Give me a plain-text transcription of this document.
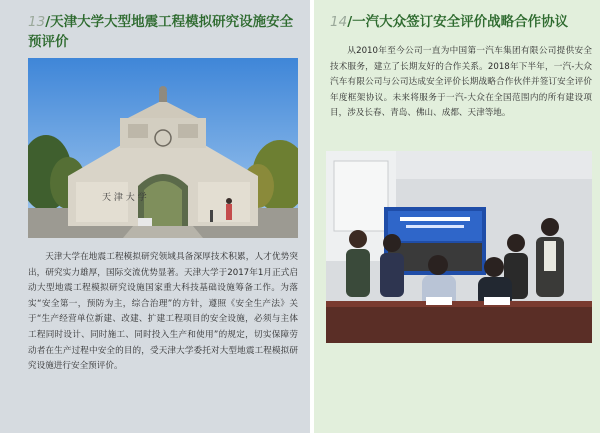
13/天津大学大型地震工程模拟研究设施安全预评价
天 津 大 学

天津大学在地震工程模拟研究领域具备深厚技术积累，人才优势突出，研究实力雄厚，国际交流优势显著。天津大学于2017年1月正式启动大型地震工程模拟研究设施国家重大科技基础设施筹备工作。为落实“安全第一，预防为主，综合治理”的方针，遵照《安全生产法》关于“生产经营单位新建、改建、扩建工程项目的安全设施，必须与主体工程同时设计、同时施工、同时投入生产和使用”的规定，切实保障劳动者在生产过程中安全的目的，受天津大学委托对大型地震工程模拟研究设施进行安全预评价。

14/一汽大众签订安全评价战略合作协议

从2010年至今公司一直为中国第一汽车集团有限公司提供安全技术服务，建立了长期友好的合作关系。2018年下半年，一汽-大众汽车有限公司与公司达成安全评价长期战略合作伙伴并签订安全评价年度框架协议。未来将服务于一汽-大众在全国范围内的所有建设项目，涉及长春、青岛、佛山、成都、天津等地。
